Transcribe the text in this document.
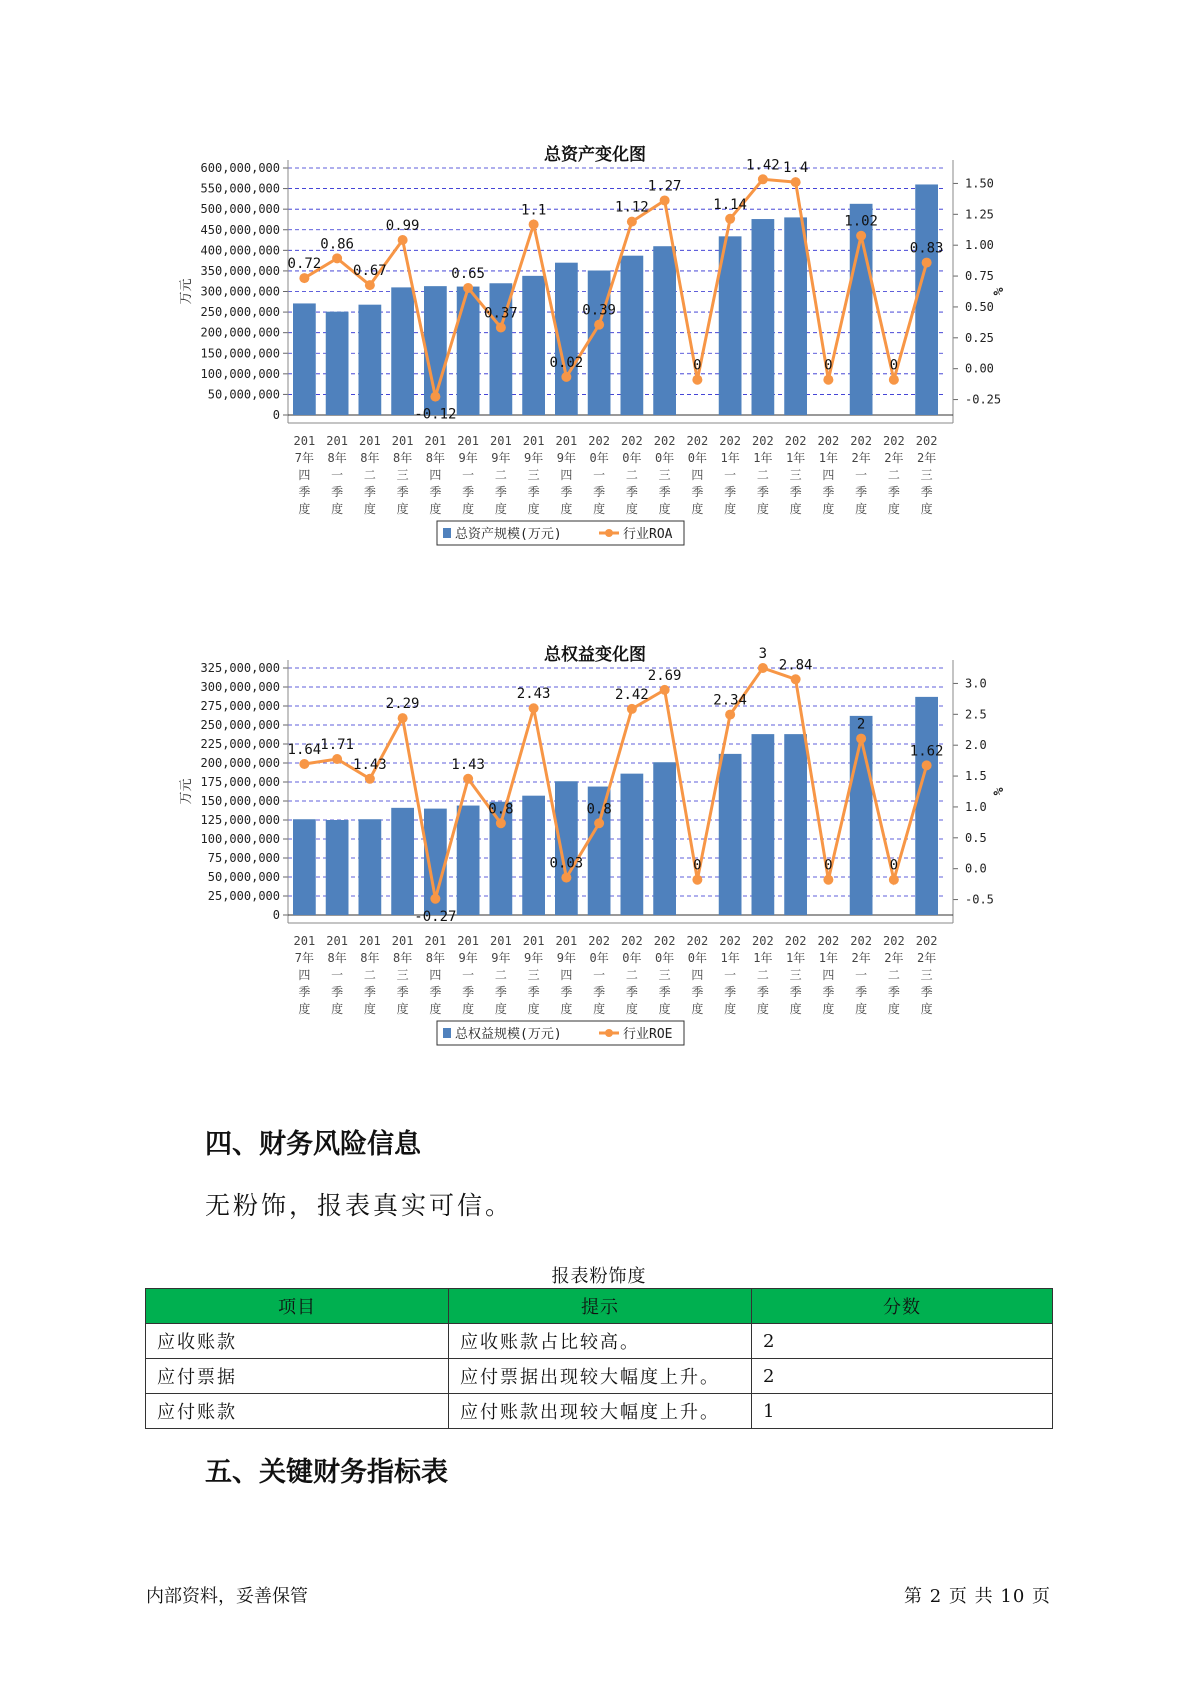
总资产变化图
600,000,000
550,000,000
500,000,000
450,000,000
400,000,000
350,000,000
300,000,000
250,000,000
200,000,000
150,000,000
100,000,000
50,000,000
0
1.50
1.25
1.00
0.75
0.50
0.25
0.00
-0.25
万元	%
0.72
0.86
0.67
0.99
-0.12
0.65
0.37
1.1
0.02
0.39
1.12
1.27
0
1.14
1.42 1.4
0
1.02
0
0.83
201
7年
四
季
度
201
8年
一
季
度
201
8年
二
季
度
201
8年
三
季
度
201
8年
四
季
度
201
9年
一
季
度
201
9年
二
季
度
201
9年
三
季
度
201
9年
四
季
度
202
0年
一
季
度
202
0年
二
季
度
202
0年
三
季
度
202
0年
四
季
度
202
1年
一
季
度
202
1年
二
季
度
202
1年
三
季
度
202
1年
四
季
度
202
2年
一
季
度
202
2年
二
季
度
202
2年
三
季
度
总资产规模(万元)	行业ROA
总权益变化图
325,000,000
300,000,000
275,000,000
250,000,000
225,000,000
200,000,000
175,000,000
150,000,000
125,000,000
100,000,000
75,000,000
50,000,000
25,000,000
0
3.0
2.5
2.0
1.5
1.0
0.5
0.0
-0.5
万元	%
1.64 1.71
1.43
2.29
-0.27
1.43
0.8
2.43
0.03
0.8
2.42
2.69
0
2.34
3
2.84
0
2
0
1.62
201
7年
四
季
度
201
8年
一
季
度
201
8年
二
季
度
201
8年
三
季
度
201
8年
四
季
度
201
9年
一
季
度
201
9年
二
季
度
201
9年
三
季
度
201
9年
四
季
度
202
0年
一
季
度
202
0年
二
季
度
202
0年
三
季
度
202
0年
四
季
度
202
1年
一
季
度
202
1年
二
季
度
202
1年
三
季
度
202
1年
四
季
度
202
2年
一
季
度
202
2年
二
季
度
202
2年
三
季
度
总权益规模(万元)	行业ROE
四、财务风险信息
无粉饰，报表真实可信。
报表粉饰度
项目	提示	分数
应收账款	应收账款占比较高。	2
应付票据	应付票据出现较大幅度上升。	2
应付账款	应付账款出现较大幅度上升。	1
五、关键财务指标表
内部资料，妥善保管	第 2 页 共 10 页
